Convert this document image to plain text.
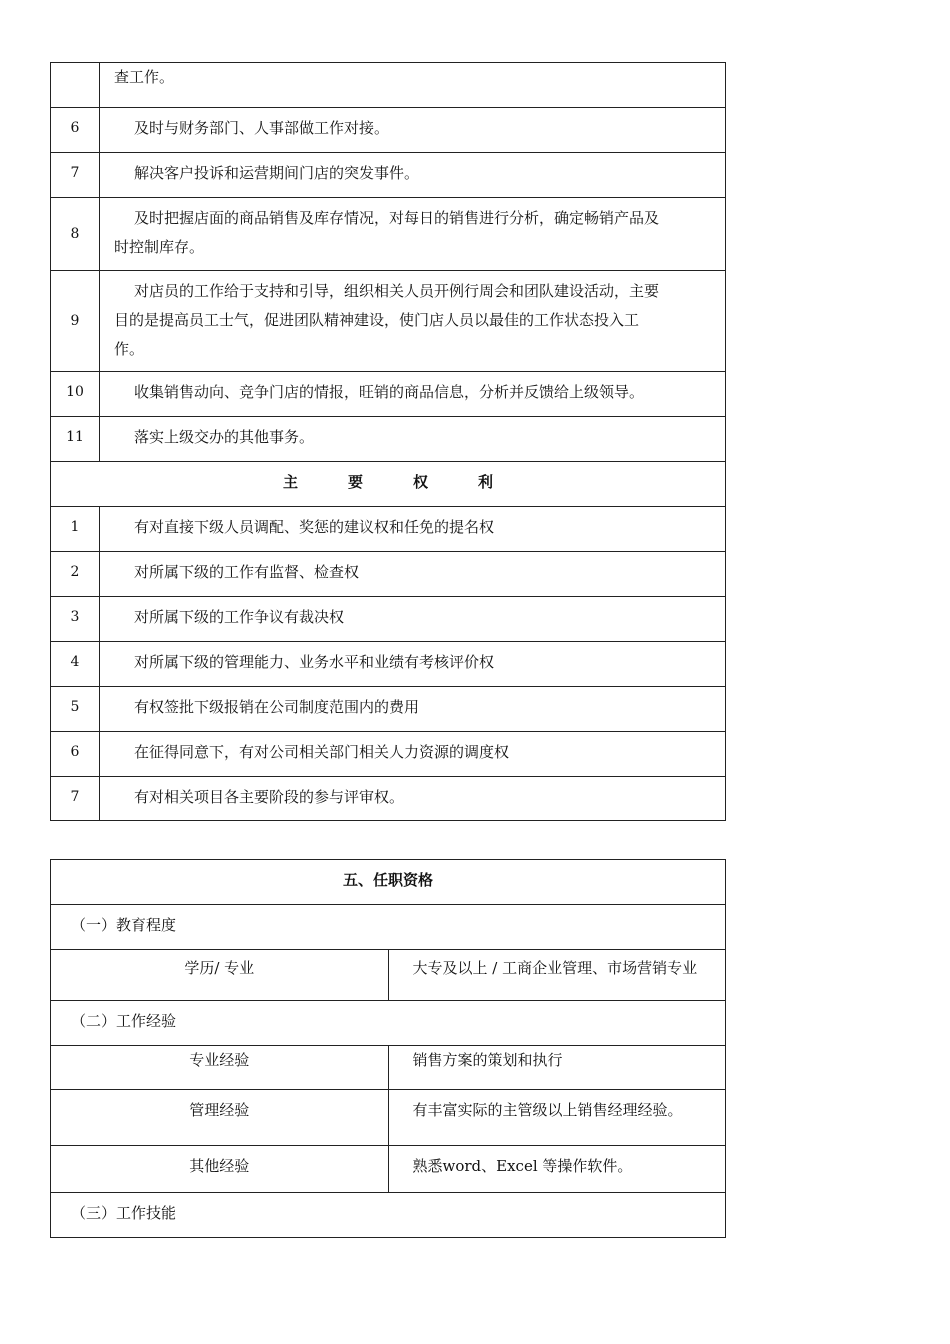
	查工作。
6	及时与财务部门、人事部做工作对接。
7	解决客户投诉和运营期间门店的突发事件。
8	及时把握店面的商品销售及库存情况，对每日的销售进行分析，确定畅销产品及
时控制库存。
9	对店员的工作给于支持和引导，组织相关人员开例行周会和团队建设活动，主要
目的是提高员工士气，促进团队精神建设，使门店人员以最佳的工作状态投入工
作。
10	收集销售动向、竞争门店的情报，旺销的商品信息，分析并反馈给上级领导。
11	落实上级交办的其他事务。
主要权利	
1	有对直接下级人员调配、奖惩的建议权和任免的提名权
2	对所属下级的工作有监督、检查权
3	对所属下级的工作争议有裁决权
4	对所属下级的管理能力、业务水平和业绩有考核评价权
5	有权签批下级报销在公司制度范围内的费用
6	在征得同意下，有对公司相关部门相关人力资源的调度权
7	有对相关项目各主要阶段的参与评审权。
五、任职资格	
（一）教育程度	
学历/ 专业	大专及以上 / 工商企业管理、市场营销专业
（二）工作经验	
专业经验	销售方案的策划和执行
管理经验	有丰富实际的主管级以上销售经理经验。
其他经验	熟悉word、Excel 等操作软件。
（三）工作技能	
